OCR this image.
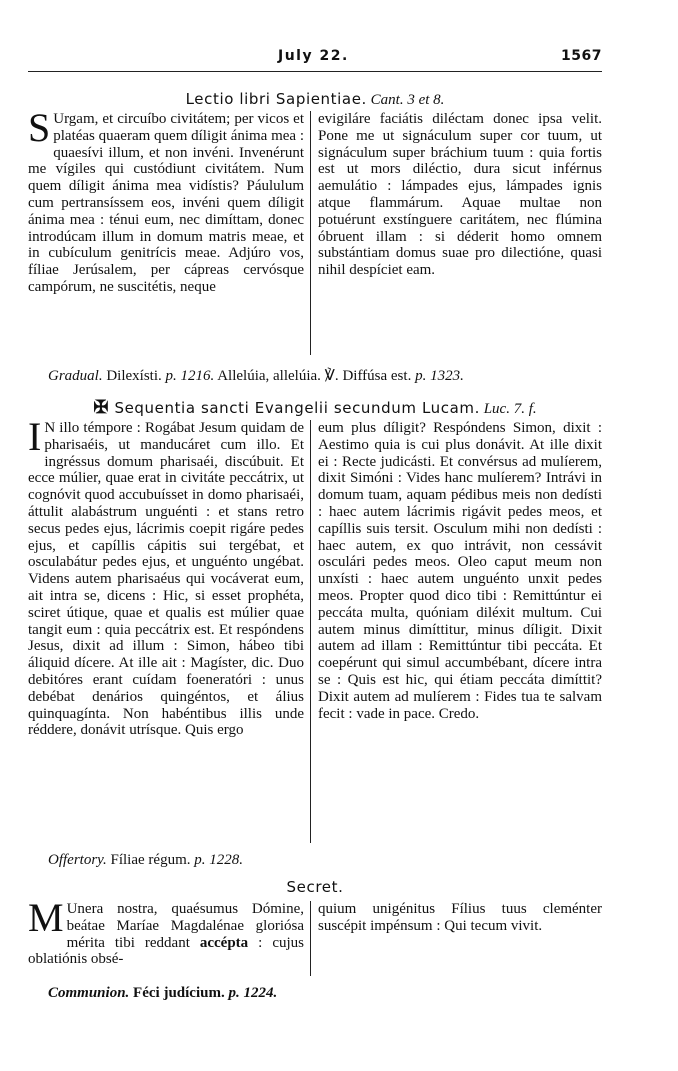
July 22.	1567
Lectio libri Sapientiae. Cant. 3 et 8.
S Urgam, et circuíbo civitátem; per vicos et platéas quaeram quem díligit ánima mea : quaesívi illum, et non invéni. Invenérunt me vígiles qui custódiunt civitátem. Num quem díligit ánima mea vidístis? Páululum cum pertransíssem eos, invéni quem díligit ánima mea : ténui eum, nec dimíttam, donec introdúcam illum in domum matris meae, et in cubículum genitrícis meae. Adjúro vos, fíliae Jerúsalem, per cápreas cervósque campórum, ne suscitétis, neque
evigiláre faciátis diléctam donec ipsa velit. Pone me ut signáculum super cor tuum, ut signáculum super bráchium tuum : quia fortis est ut mors diléctio, dura sicut inférnus aemulátio : lámpades ejus, lámpades ignis atque flammárum. Aquae multae non potuérunt exstínguere caritátem, nec flúmina óbruent illam : si déderit homo omnem substántiam domus suae pro dilectióne, quasi nihil despíciet eam.
Gradual. Dilexísti. p. 1216. Allelúia, allelúia. ℣. Diffúsa est. p. 1323.
✠ Sequentia sancti Evangelii secundum Lucam. Luc. 7. f.
I N illo témpore : Rogábat Jesum quidam de pharisaéis, ut manducáret cum illo. Et ingréssus domum pharisaéi, discúbuit. Et ecce múlier, quae erat in civitáte peccátrix, ut cognóvit quod accubuísset in domo pharisaéi, áttulit alabástrum unguénti : et stans retro secus pedes ejus, lácrimis coepit rigáre pedes ejus, et capíllis cápitis sui tergébat, et osculabátur pedes ejus, et unguénto ungébat. Videns autem pharisaéus qui vocáverat eum, ait intra se, dicens : Hic, si esset prophéta, sciret útique, quae et qualis est múlier quae tangit eum : quia peccátrix est. Et respóndens Jesus, dixit ad illum : Simon, hábeo tibi áliquid dícere. At ille ait : Magíster, dic. Duo debitóres erant cuídam foeneratóri : unus debébat denários quingéntos, et álius quinquagínta. Non habéntibus illis unde réddere, donávit utrísque. Quis ergo
eum plus díligit? Respóndens Simon, dixit : Aestimo quia is cui plus donávit. At ille dixit ei : Recte judicásti. Et convérsus ad mulíerem, dixit Simóni : Vides hanc mulíerem? Intrávi in domum tuam, aquam pédibus meis non dedísti : haec autem lácrimis rigávit pedes meos, et capíllis suis tersit. Osculum mihi non dedísti : haec autem, ex quo intrávit, non cessávit osculári pedes meos. Oleo caput meum non unxísti : haec autem unguénto unxit pedes meos. Propter quod dico tibi : Remittúntur ei peccáta multa, quóniam diléxit multum. Cui autem minus dimíttitur, minus díligit. Dixit autem ad illam : Remittúntur tibi peccáta. Et coepérunt qui simul accumbébant, dícere intra se : Quis est hic, qui étiam peccáta dimíttit? Dixit autem ad mulíerem : Fides tua te salvam fecit : vade in pace. Credo.
Offertory. Fíliae régum. p. 1228.
Secret.
M Unera nostra, quaésumus Dómine, beátae Maríae Magdalénae gloriósa mérita tibi reddant accépta : cujus oblatiónis obsé-
quium unigénitus Fílius tuus cleménter suscépit impénsum : Qui tecum vivit.
Communion. Féci judícium. p. 1224.
